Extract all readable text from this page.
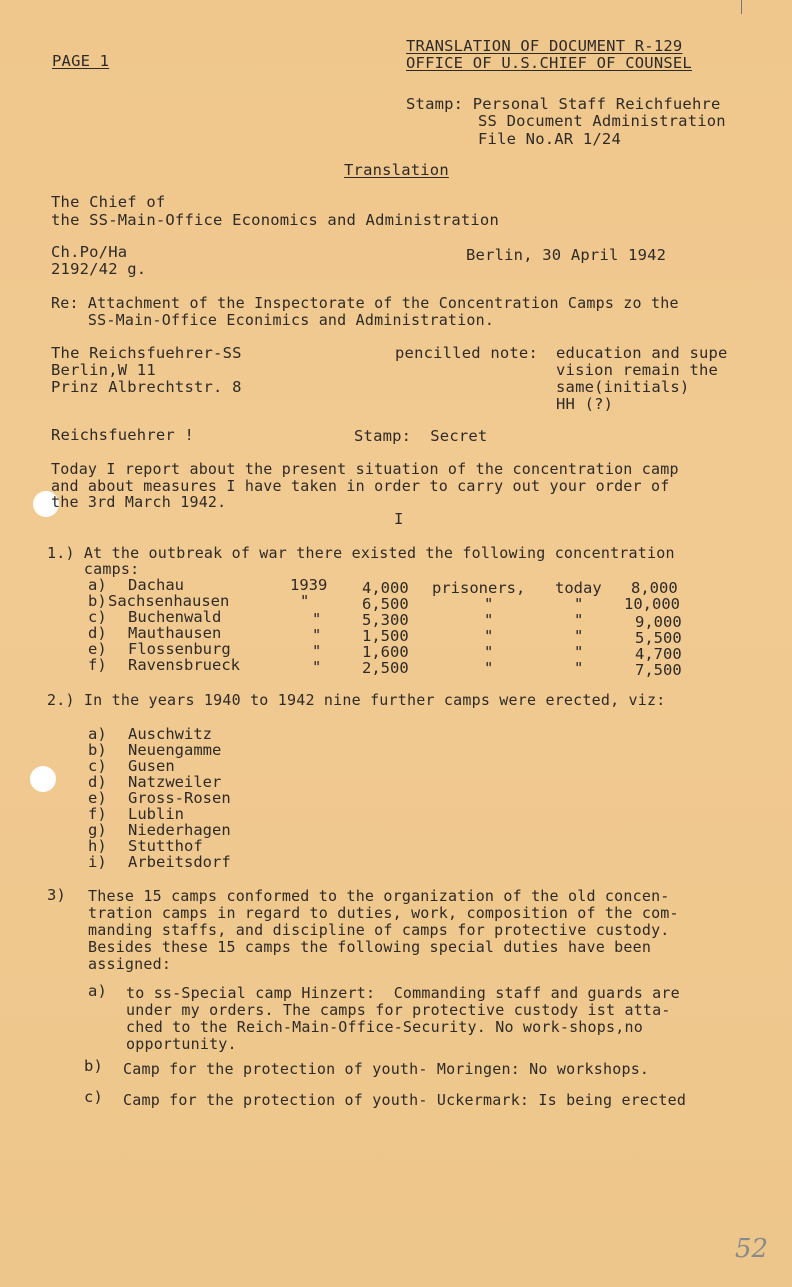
PAGE 1
TRANSLATION OF DOCUMENT R-129
OFFICE OF U.S.CHIEF OF COUNSEL
Stamp: Personal Staff Reichfuehre
SS Document Administration
File No.AR 1/24
Translation
The Chief of
the SS-Main-Office Economics and Administration
Ch.Po/Ha
2192/42 g.
Berlin, 30 April 1942
Re: Attachment of the Inspectorate of the Concentration Camps zo the
SS-Main-Office Econimics and Administration.
The Reichsfuehrer-SS
Berlin,W 11
Prinz Albrechtstr. 8
pencilled note: education and supe
vision remain the
same(initials)
HH (?)
Reichsfuehrer !	Stamp:  Secret
Today I report about the present situation of the concentration camp
and about measures I have taken in order to carry out your order of
the 3rd March 1942.
I
1.) At the outbreak of war there existed the following concentration
camps:
a) Dachau	1939 4,000 prisoners, today 8,000
b) Sachsenhausen	"	6,500	"	"	10,000
c) Buchenwald	"	5,300	"	"	9,000
d) Mauthausen	"	1,500	"	"	5,500
e) Flossenburg	"	1,600	"	"	4,700
f) Ravensbrueck	"	2,500	"	"	7,500
2.) In the years 1940 to 1942 nine further camps were erected, viz:
a) Auschwitz
b) Neuengamme
c) Gusen
d) Natzweiler
e) Gross-Rosen
f) Lublin
g) Niederhagen
h) Stutthof
i) Arbeitsdorf
3) These 15 camps conformed to the organization of the old concen-
tration camps in regard to duties, work, composition of the com-
manding staffs, and discipline of camps for protective custody.
Besides these 15 camps the following special duties have been
assigned:
a) to ss-Special camp Hinzert:  Commanding staff and guards are
under my orders. The camps for protective custody ist atta-
ched to the Reich-Main-Office-Security. No work-shops,no
opportunity.
b) Camp for the protection of youth- Moringen: No workshops.
c) Camp for the protection of youth- Uckermark: Is being erected
52
